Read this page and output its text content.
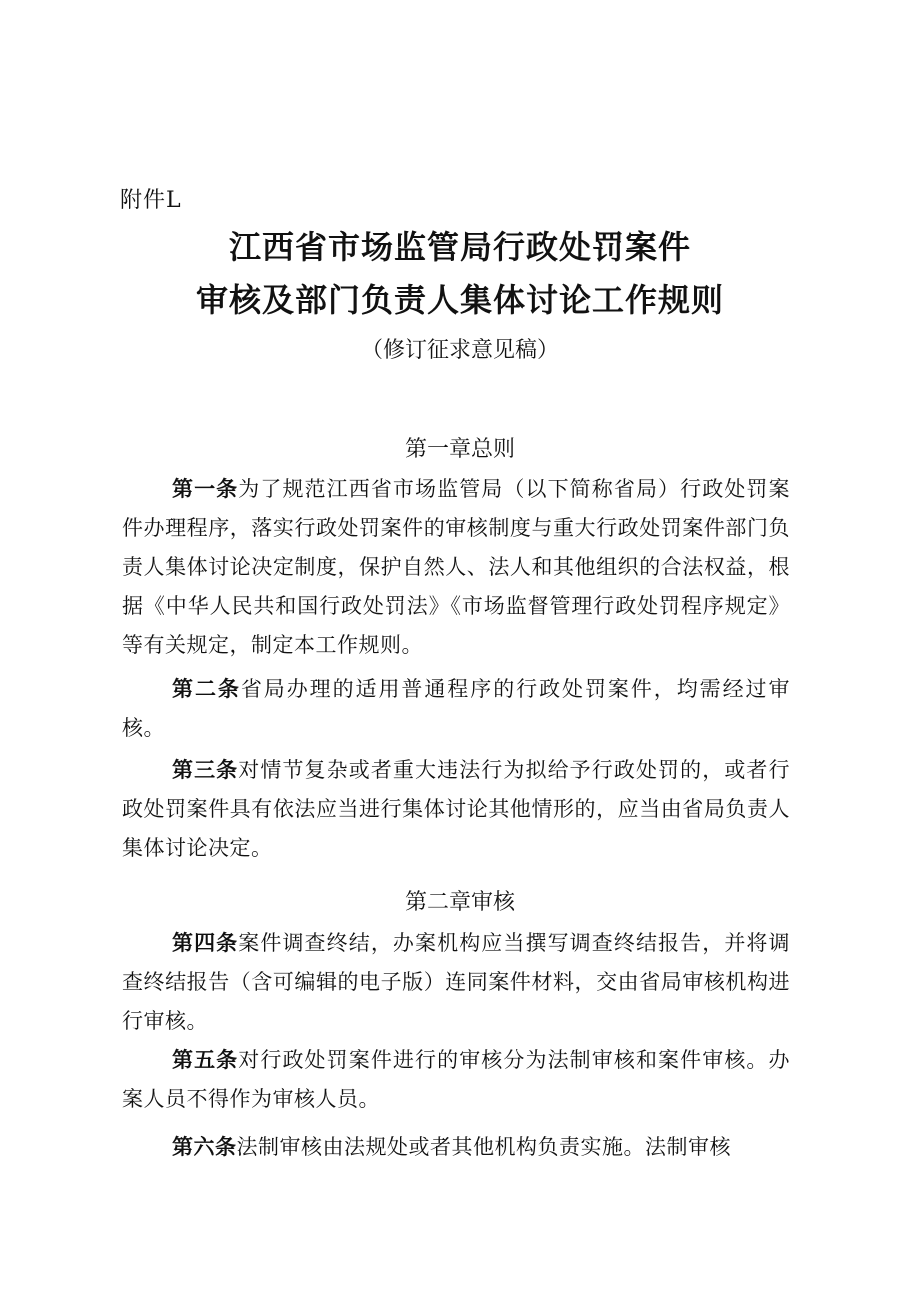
附件L
江西省市场监管局行政处罚案件
审核及部门负责人集体讨论工作规则
（修订征求意见稿）
第一章总则

第一条为了规范江西省市场监管局（以下简称省局）行政处罚案件办理程序，落实行政处罚案件的审核制度与重大行政处罚案件部门负责人集体讨论决定制度，保护自然人、法人和其他组织的合法权益，根据《中华人民共和国行政处罚法》《市场监督管理行政处罚程序规定》等有关规定，制定本工作规则。

第二条省局办理的适用普通程序的行政处罚案件，均需经过审核。

第三条对情节复杂或者重大违法行为拟给予行政处罚的，或者行政处罚案件具有依法应当进行集体讨论其他情形的，应当由省局负责人集体讨论决定。

第二章审核

第四条案件调查终结，办案机构应当撰写调查终结报告，并将调查终结报告（含可编辑的电子版）连同案件材料，交由省局审核机构进行审核。

第五条对行政处罚案件进行的审核分为法制审核和案件审核。办案人员不得作为审核人员。

第六条法制审核由法规处或者其他机构负责实施。法制审核
